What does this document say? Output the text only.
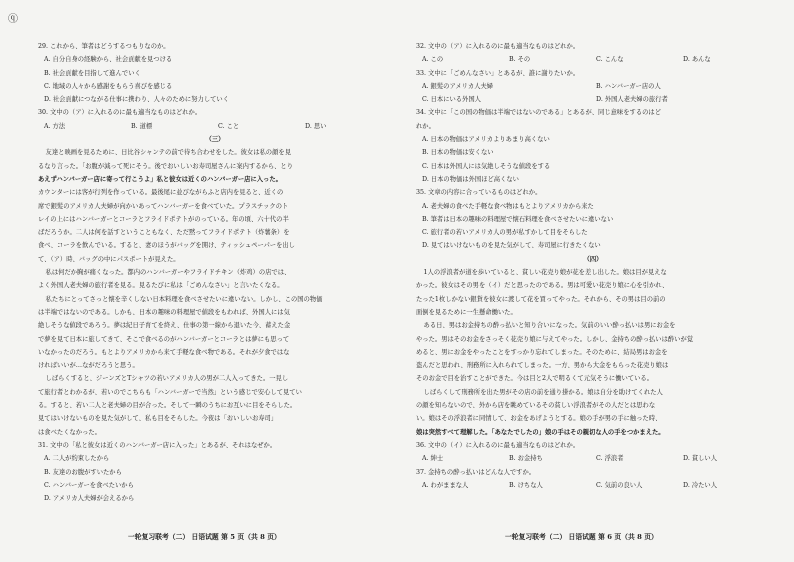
ⓠ
29. これから、筆者はどうするつもりなのか。
A. 自分自身の経験から、社会貢献を見つける
B. 社会貢献を目指して進んでいく
C. 地域の人々から感謝をもらう喜びを感じる
D. 社会貢献につながる仕事に携わり、人々のために努力していく
30. 文中の（ア）に入れるのに最も適当なものはどれか。
A. 方法	B. 道標	C. こと	D. 思い
（三）
友達と映画を見るために、日比谷シャンテの前で待ち合わせをした。彼女は私の顔を見
るなり言った。「お腹が減って死にそう。後でおいしいお寿司屋さんに案内するから、とり
あえずハンバーガー店に寄って行こうよ」私と彼女は近くのハンバーガー店に入った。
カウンターには客が行列を作っている。最後尾に並びながらふと店内を見ると、近くの
席で銀髪のアメリカ人夫婦が向かいあってハンバーガーを食べていた。プラスチックのト
レイの上にはハンバーガーとコーラとフライドポテトがのっている。年の頃、六十代の半
ばだろうか。二人は何を話すということもなく、ただ黙ってフライドポテト（炸薯条）を
食べ、コーラを飲んでいる。すると、妻のほうがバッグを開け、ティッシュペーパーを出し
て、（ア）時、バッグの中にパスポートが見えた。
私は何だか胸が痛くなった。都内のハンバーガーやフライドチキン（炸鸡）の店では、
よく外国人老夫婦の旅行者を見る。見るたびに私は「ごめんなさい」と言いたくなる。
私たちにとってさっと懐を辛くしない日本料理を食べさせたいに違いない。しかし、この国の物価
は半端ではないのである。しかも、日本の趣味の料理屋で値段をもわれば、外国人には気
絶しそうな値段であろう。夢は紀日子育てを終え、仕事の第一線から退いた今、蓄えた金
で夢を見て日本に旅してきて、そこで食べるのがハンバーガーとコーラとは夢にも思って
いなかったのだろう。もとよりアメリカから来て手軽な食べ物である。それが夕食ではな
ければいいが…ながだろうと思う。
しばらくすると、ジーンズとTシャツの若いアメリカ人の男が二人入ってきた。一見し
て旅行者とわかるが、若いのでこちらも「ハンバーガーで当然」という感じで安心して見てい
る。すると、若い二人と老夫婦の目が合った。そして一瞬のうちにお互いに目をそらした。
見てはいけないものを見た気がして、私も目をそらした。今夜は「おいしいお寿司」
は食べたくなかった。
31. 文中の「私と彼女は近くのハンバーガー店に入った」とあるが、それはなぜか。
A. 二人が約束したから
B. 友達のお腹がすいたから
C. ハンバーガーを食べたいから
D. アメリカ人夫婦が会えるから
32. 文中の（ア）に入れるのに最も適当なものはどれか。
A. この	B. その	C. こんな	D. あんな
33. 文中に「ごめんなさい」とあるが、誰に謝りたいか。
A. 銀髪のアメリカ人夫婦	B. ハンバーガー店の人
C. 日本にいる外国人	D. 外国人老夫婦の旅行者
34. 文中に「この国の物価は半端ではないのである」とあるが、同じ意味をするのはど
れか。
A. 日本の物価はアメリカよりあまり高くない
B. 日本の物価は安くない
C. 日本は外国人には気絶しそうな値段をする
D. 日本の物価は外国ほど高くない
35. 文章の内容に合っているものはどれか。
A. 老夫婦の食べた手軽な食べ物はもとよりアメリカから来た
B. 筆者は日本の趣味の料理屋で懐石料理を食べさせたいに違いない
C. 旅行者の若いアメリカ人の男が私すかして目をそらした
D. 見てはいけないものを見た気がして、寿司屋に行きたくない
（四）
1人の浮浪者が道を歩いていると、貧しい花売り娘が花を差し出した。娘は目が見えな
かった。彼女はその男を（イ）だと思ったのである。男は可愛い花売り娘に心を引かれ、
たった1枚しかない銀貨を彼女に渡して花を買ってやった。それから、その男は目の前の
面倒を見るために一生懸命働いた。
ある日、男はお金持ちの酔っ払いと知り合いになった。気前のいい酔っ払いは男にお金を
やった。男はそのお金をさっそく花売り娘に与えてやった。しかし、金持ちの酔っ払いは酔いが覚
めると、男にお金をやったことをすっかり忘れてしまった。そのために、結局男はお金を
盗んだと思われ、刑務所に入れられてしまった。一方、男から大金をもらった花売り娘は
そのお金で目を治すことができた。今は目と2人で明るくて元気そうに働いている。
しばらくして刑務所を出た男がその店の前を通り掛かる。娘は自分を助けてくれた人
の顔を知らないので、外から店を眺めているその貧しい浮浪者がその人だとは思わな
い。娘はその浮浪者に同情して、お金をあげようとする。娘の手が男の手に触った時、
娘は突然すべて理解した。「あなたでしたの」娘の手はその親切な人の手をつかまえた。
36. 文中の（イ）に入れるのに最も適当なものはどれか。
A. 紳士	B. お金持ち	C. 浮浪者	D. 貧しい人
37. 金持ちの酔っ払いはどんな人ですか。
A. わがままな人	B. けちな人	C. 気前の良い人	D. 冷たい人
一轮复习联考（二） 日语试题 第 5 页（共 8 页）	一轮复习联考（二） 日语试题 第 6 页（共 8 页）
